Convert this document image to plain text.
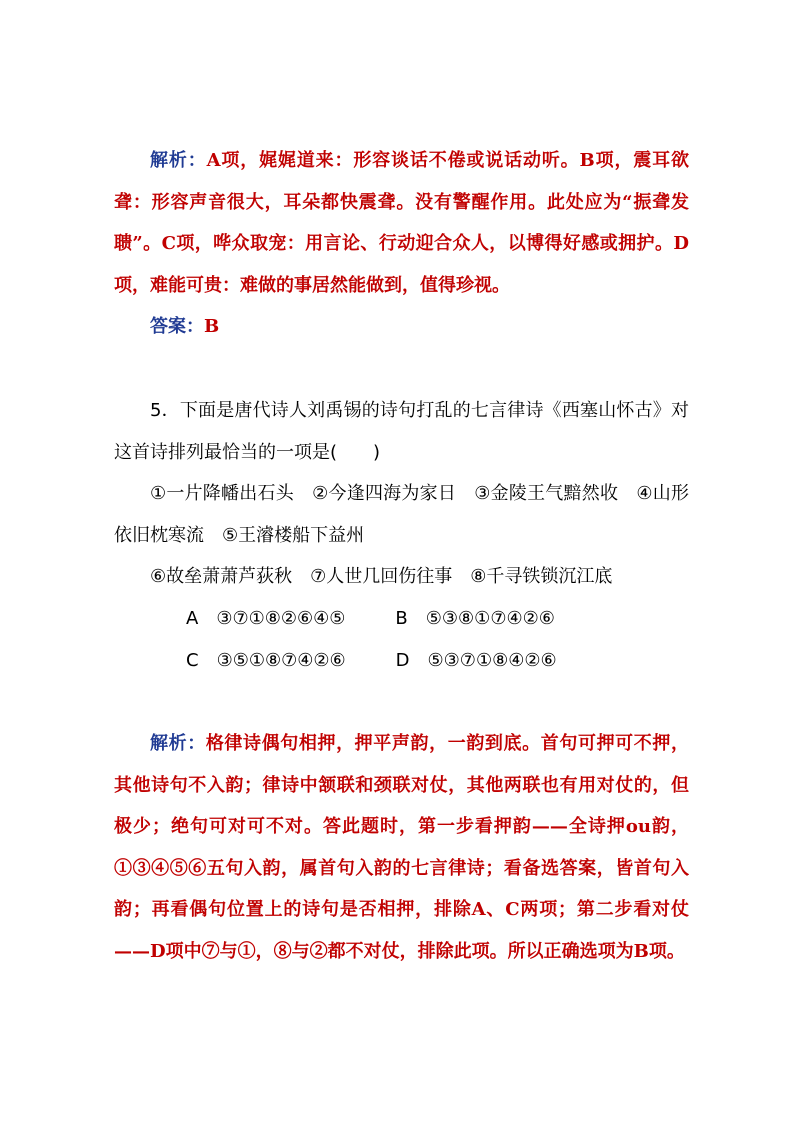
解析：A项，娓娓道来：形容谈话不倦或说话动听。B项，震耳欲聋：形容声音很大，耳朵都快震聋。没有警醒作用。此处应为“振聋发聩”。C项，哗众取宠：用言论、行动迎合众人，以博得好感或拥护。D项，难能可贵：难做的事居然能做到，值得珍视。

答案：B

5．下面是唐代诗人刘禹锡的诗句打乱的七言律诗《西塞山怀古》对这首诗排列最恰当的一项是(　　)

①一片降幡出石头　②今逢四海为家日　③金陵王气黯然收　④山形依旧枕寒流　⑤王濬楼船下益州

⑥故垒萧萧芦荻秋　⑦人世几回伤往事　⑧千寻铁锁沉江底

A　③⑦①⑧②⑥④⑤	B　⑤③⑧①⑦④②⑥

C　③⑤①⑧⑦④②⑥	D　⑤③⑦①⑧④②⑥

解析：格律诗偶句相押，押平声韵，一韵到底。首句可押可不押，其他诗句不入韵；律诗中颔联和颈联对仗，其他两联也有用对仗的，但极少；绝句可对可不对。答此题时，第一步看押韵——全诗押ou韵，①③④⑤⑥五句入韵，属首句入韵的七言律诗；看备选答案，皆首句入韵；再看偶句位置上的诗句是否相押，排除A、C两项；第二步看对仗——D项中⑦与①，⑧与②都不对仗，排除此项。所以正确选项为B项。
